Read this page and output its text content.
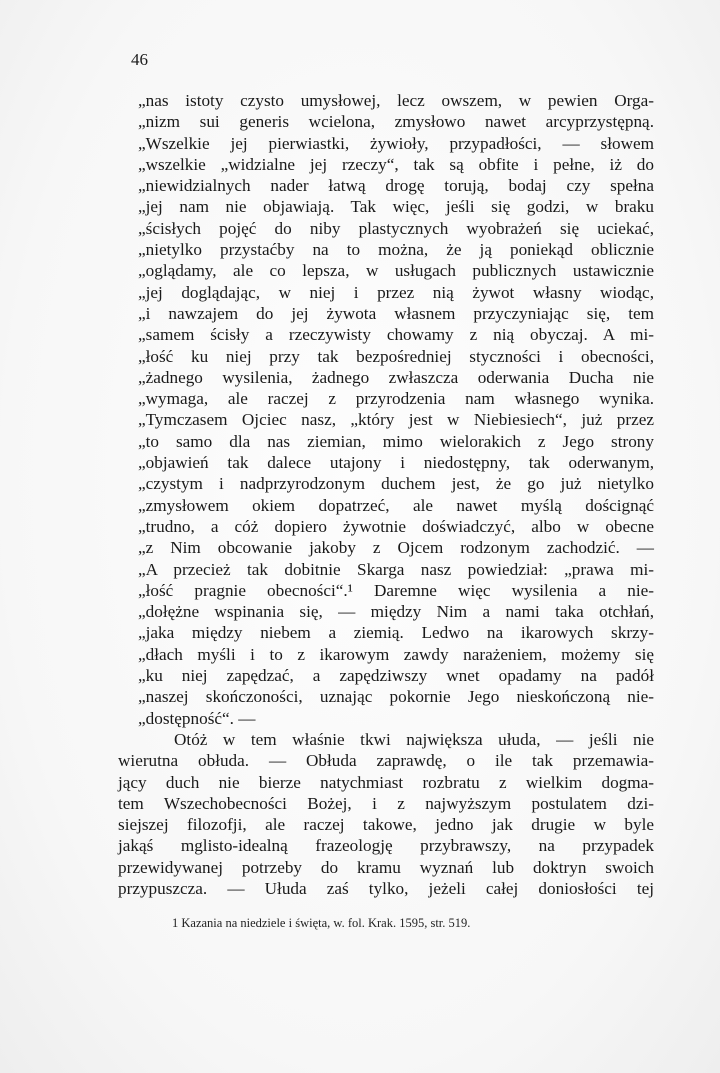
46
„nas istoty czysto umysłowej, lecz owszem, w pewien Orga-
„nizm sui generis wcielona, zmysłowo nawet arcyprzystępną.
„Wszelkie jej pierwiastki, żywioły, przypadłości, — słowem
„wszelkie „widzialne jej rzeczy“, tak są obfite i pełne, iż do
„niewidzialnych nader łatwą drogę torują, bodaj czy spełna
„jej nam nie objawiają. Tak więc, jeśli się godzi, w braku
„ścisłych pojęć do niby plastycznych wyobrażeń się uciekać,
„nietylko przystaćby na to można, że ją poniekąd oblicznie
„oglądamy, ale co lepsza, w usługach publicznych ustawicznie
„jej doglądając, w niej i przez nią żywot własny wiodąc,
„i nawzajem do jej żywota własnem przyczyniając się, tem
„samem ścisły a rzeczywisty chowamy z nią obyczaj. A mi-
„łość ku niej przy tak bezpośredniej styczności i obecności,
„żadnego wysilenia, żadnego zwłaszcza oderwania Ducha nie
„wymaga, ale raczej z przyrodzenia nam własnego wynika.
„Tymczasem Ojciec nasz, „który jest w Niebiesiech“, już przez
„to samo dla nas ziemian, mimo wielorakich z Jego strony
„objawień tak dalece utajony i niedostępny, tak oderwanym,
„czystym i nadprzyrodzonym duchem jest, że go już nietylko
„zmysłowem okiem dopatrzeć, ale nawet myślą doścignąć
„trudno, a cóż dopiero żywotnie doświadczyć, albo w obecne
„z Nim obcowanie jakoby z Ojcem rodzonym zachodzić. —
„A przecież tak dobitnie Skarga nasz powiedział: „prawa mi-
„łość pragnie obecności“.¹ Daremne więc wysilenia a nie-
„dołężne wspinania się, — między Nim a nami taka otchłań,
„jaka między niebem a ziemią. Ledwo na ikarowych skrzy-
„dłach myśli i to z ikarowym zawdy narażeniem, możemy się
„ku niej zapędzać, a zapędziwszy wnet opadamy na padół
„naszej skończoności, uznając pokornie Jego nieskończoną nie-
„dostępność“. —
Otóż w tem właśnie tkwi największa ułuda, — jeśli nie
wierutna obłuda. — Obłuda zaprawdę, o ile tak przemawia-
jący duch nie bierze natychmiast rozbratu z wielkim dogma-
tem Wszechobecności Bożej, i z najwyższym postulatem dzi-
siejszej filozofji, ale raczej takowe, jedno jak drugie w byle
jakąś mglisto-idealną frazeologję przybrawszy, na przypadek
przewidywanej potrzeby do kramu wyznań lub doktryn swoich
przypuszcza. — Ułuda zaś tylko, jeżeli całej doniosłości tej
1 Kazania na niedziele i święta, w. fol. Krak. 1595, str. 519.
